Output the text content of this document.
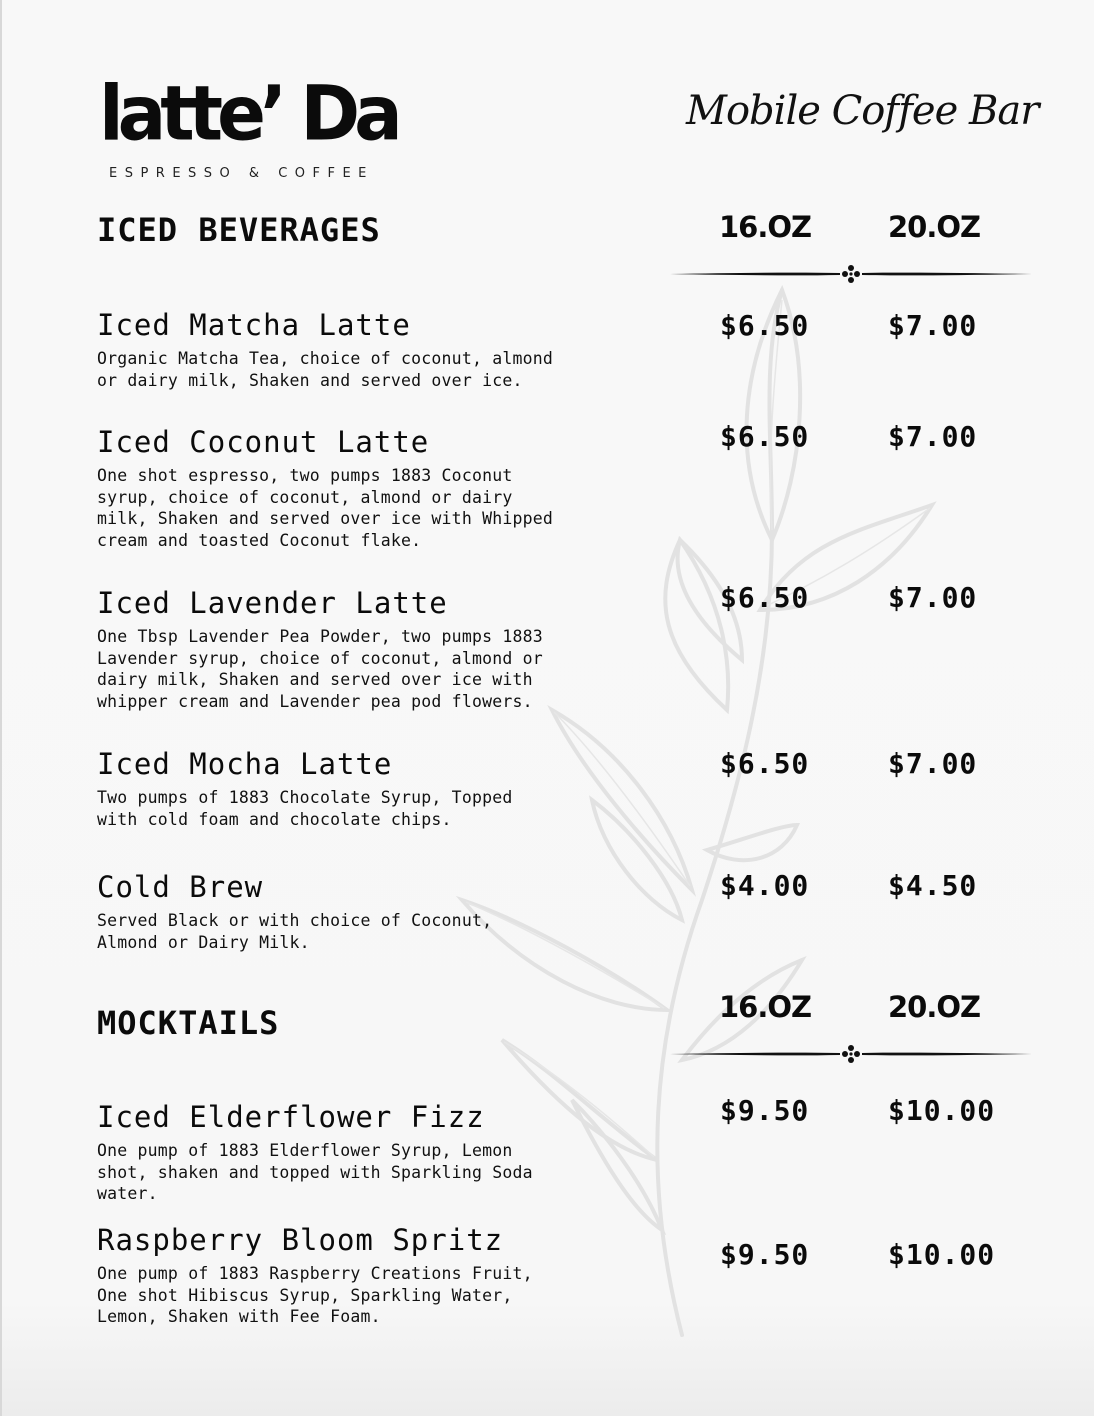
latte’ Da
ESPRESSO & COFFEE
Mobile Coffee Bar
ICED BEVERAGES	16.OZ	20.OZ
Iced Matcha Latte
Organic Matcha Tea, choice of coconut, almond
or dairy milk, Shaken and served over ice.
$6.50	$7.00
Iced Coconut Latte
One shot espresso, two pumps 1883 Coconut
syrup, choice of coconut, almond or dairy
milk, Shaken and served over ice with Whipped
cream and toasted Coconut flake.
$6.50	$7.00
Iced Lavender Latte
One Tbsp Lavender Pea Powder, two pumps 1883
Lavender syrup, choice of coconut, almond or
dairy milk, Shaken and served over ice with
whipper cream and Lavender pea pod flowers.
$6.50	$7.00
Iced Mocha Latte
Two pumps of 1883 Chocolate Syrup, Topped
with cold foam and chocolate chips.
$6.50	$7.00
Cold Brew
Served Black or with choice of Coconut,
Almond or Dairy Milk.
$4.00	$4.50
MOCKTAILS	16.OZ	20.OZ
Iced Elderflower Fizz
One pump of 1883 Elderflower Syrup, Lemon
shot, shaken and topped with Sparkling Soda
water.
$9.50	$10.00
Raspberry Bloom Spritz
One pump of 1883 Raspberry Creations Fruit,
One shot Hibiscus Syrup, Sparkling Water,
Lemon, Shaken with Fee Foam.
$9.50	$10.00
